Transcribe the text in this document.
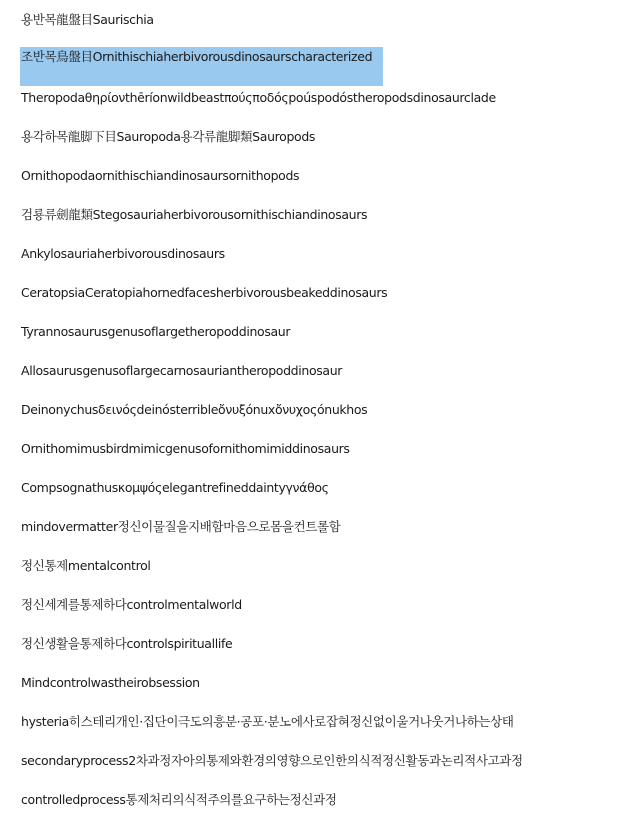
용반목龍盤目Saurischia
조반목鳥盤目Ornithischiaherbivorousdinosaurscharacterized
Theropodaθηρίονthēríonwildbeastπούςποδόςpoúspodóstheropodsdinosaurclade
용각하목龍脚下目Sauropoda용각류龍脚類Sauropods
Ornithopodaornithischiandinosaursornithopods
검룡류劍龍類Stegosauriaherbivorousornithischiandinosaurs
Ankylosauriaherbivorousdinosaurs
CeratopsiaCeratopiahornedfacesherbivorousbeakeddinosaurs
Tyrannosaurusgenusoflargetheropoddinosaur
Allosaurusgenusoflargecarnosauriantheropoddinosaur
Deinonychusδεινόςdeinósterribleὄνυξónuxὄνυχοςónukhos
Ornithomimusbirdmimicgenusofornithomimiddinosaurs
Compsognathusκομψόςelegantrefineddaintyγνάθος
mindovermatter정신이물질을지배함마음으로몸을컨트롤함
정신통제mentalcontrol
정신세계를통제하다controlmentalworld
정신생활을통제하다controlspirituallife
Mindcontrolwastheirobsession
hysteria히스테리개인·집단이극도의흥분·공포·분노에사로잡혀정신없이울거나웃거나하는상태
secondaryprocess2차과정자아의통제와환경의영향으로인한의식적정신활동과논리적사고과정
controlledprocess통제처리의식적주의를요구하는정신과정
